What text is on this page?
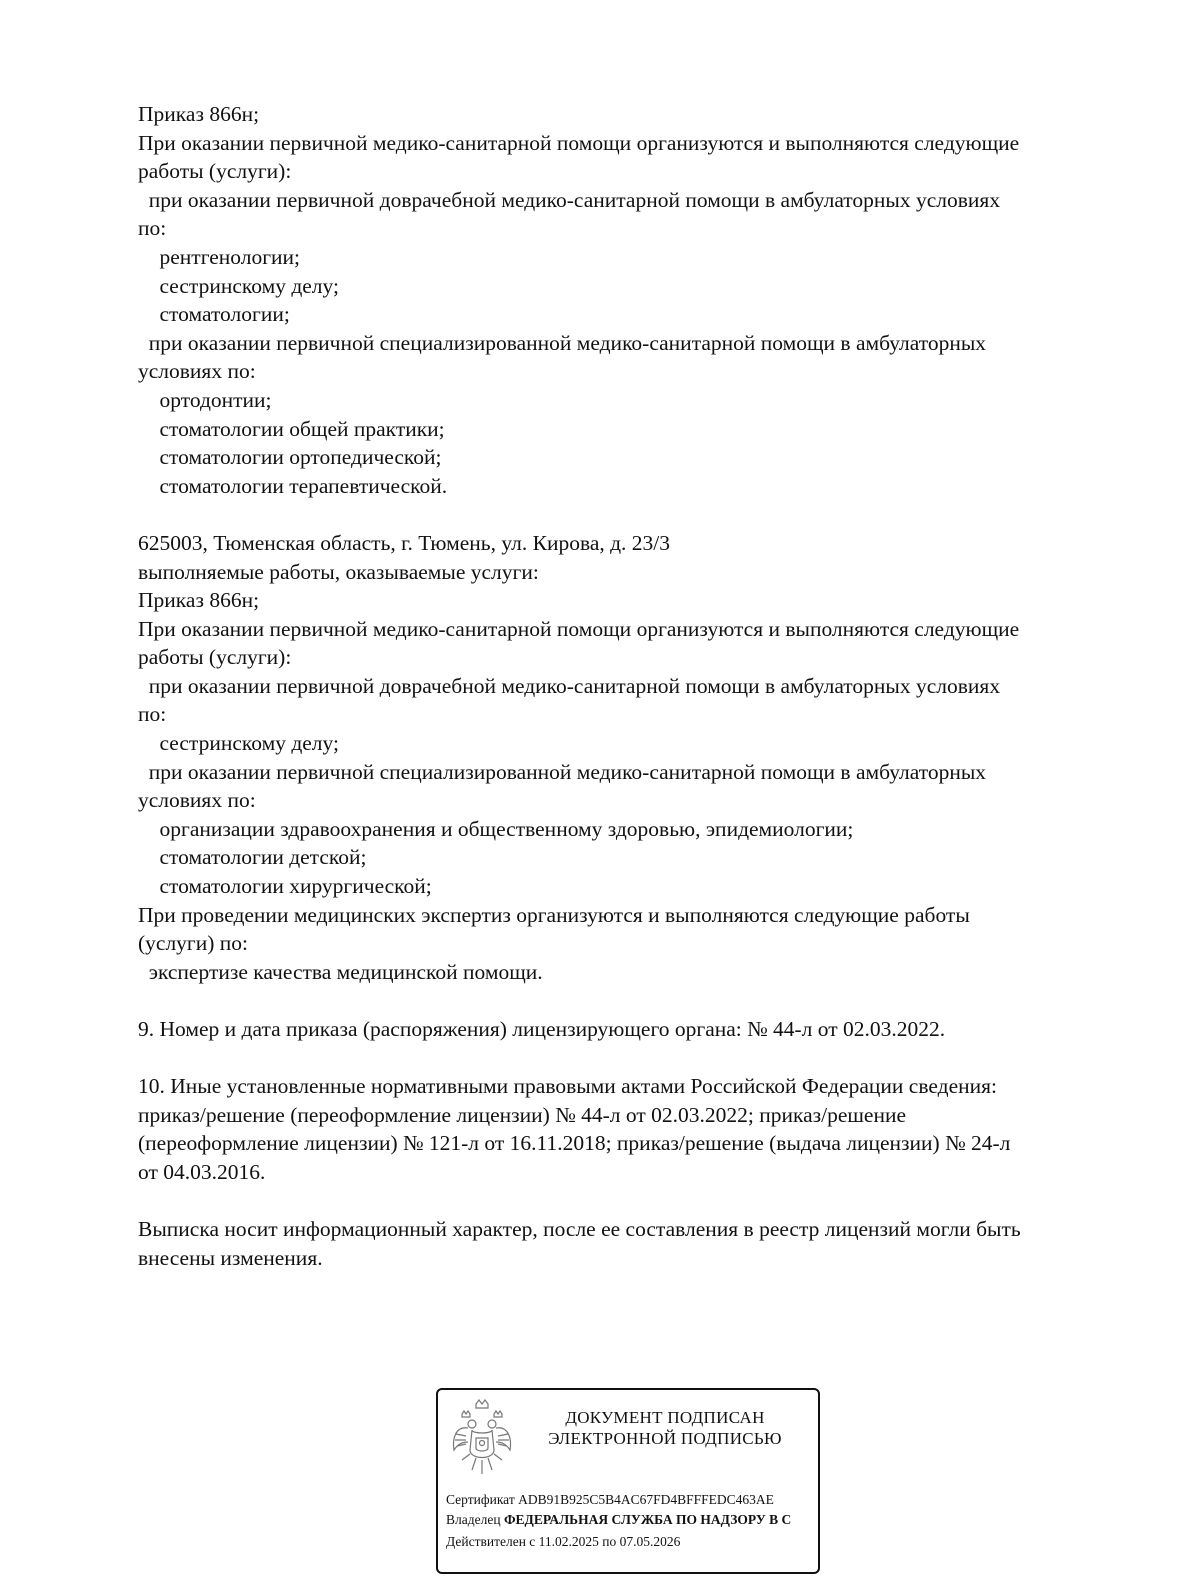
Приказ 866н;
При оказании первичной медико-санитарной помощи организуются и выполняются следующие
работы (услуги):
при оказании первичной доврачебной медико-санитарной помощи в амбулаторных условиях
по:
рентгенологии;
сестринскому делу;
стоматологии;
при оказании первичной специализированной медико-санитарной помощи в амбулаторных
условиях по:
ортодонтии;
стоматологии общей практики;
стоматологии ортопедической;
стоматологии терапевтической.
625003, Тюменская область, г. Тюмень, ул. Кирова, д. 23/3
выполняемые работы, оказываемые услуги:
Приказ 866н;
При оказании первичной медико-санитарной помощи организуются и выполняются следующие
работы (услуги):
при оказании первичной доврачебной медико-санитарной помощи в амбулаторных условиях
по:
сестринскому делу;
при оказании первичной специализированной медико-санитарной помощи в амбулаторных
условиях по:
организации здравоохранения и общественному здоровью, эпидемиологии;
стоматологии детской;
стоматологии хирургической;
При проведении медицинских экспертиз организуются и выполняются следующие работы
(услуги) по:
экспертизе качества медицинской помощи.
9. Номер и дата приказа (распоряжения) лицензирующего органа: № 44-л от 02.03.2022.
10. Иные установленные нормативными правовыми актами Российской Федерации сведения:
приказ/решение (переоформление лицензии) № 44-л от 02.03.2022; приказ/решение
(переоформление лицензии) № 121-л от 16.11.2018; приказ/решение (выдача лицензии) № 24-л
от 04.03.2016.
Выписка носит информационный характер, после ее составления в реестр лицензий могли быть
внесены изменения.
ДОКУМЕНТ ПОДПИСАН
ЭЛЕКТРОННОЙ ПОДПИСЬЮ
Сертификат ADB91B925C5B4AC67FD4BFFFEDC463AE
Владелец ФЕДЕРАЛЬНАЯ СЛУЖБА ПО НАДЗОРУ В С
Действителен с 11.02.2025 по 07.05.2026
